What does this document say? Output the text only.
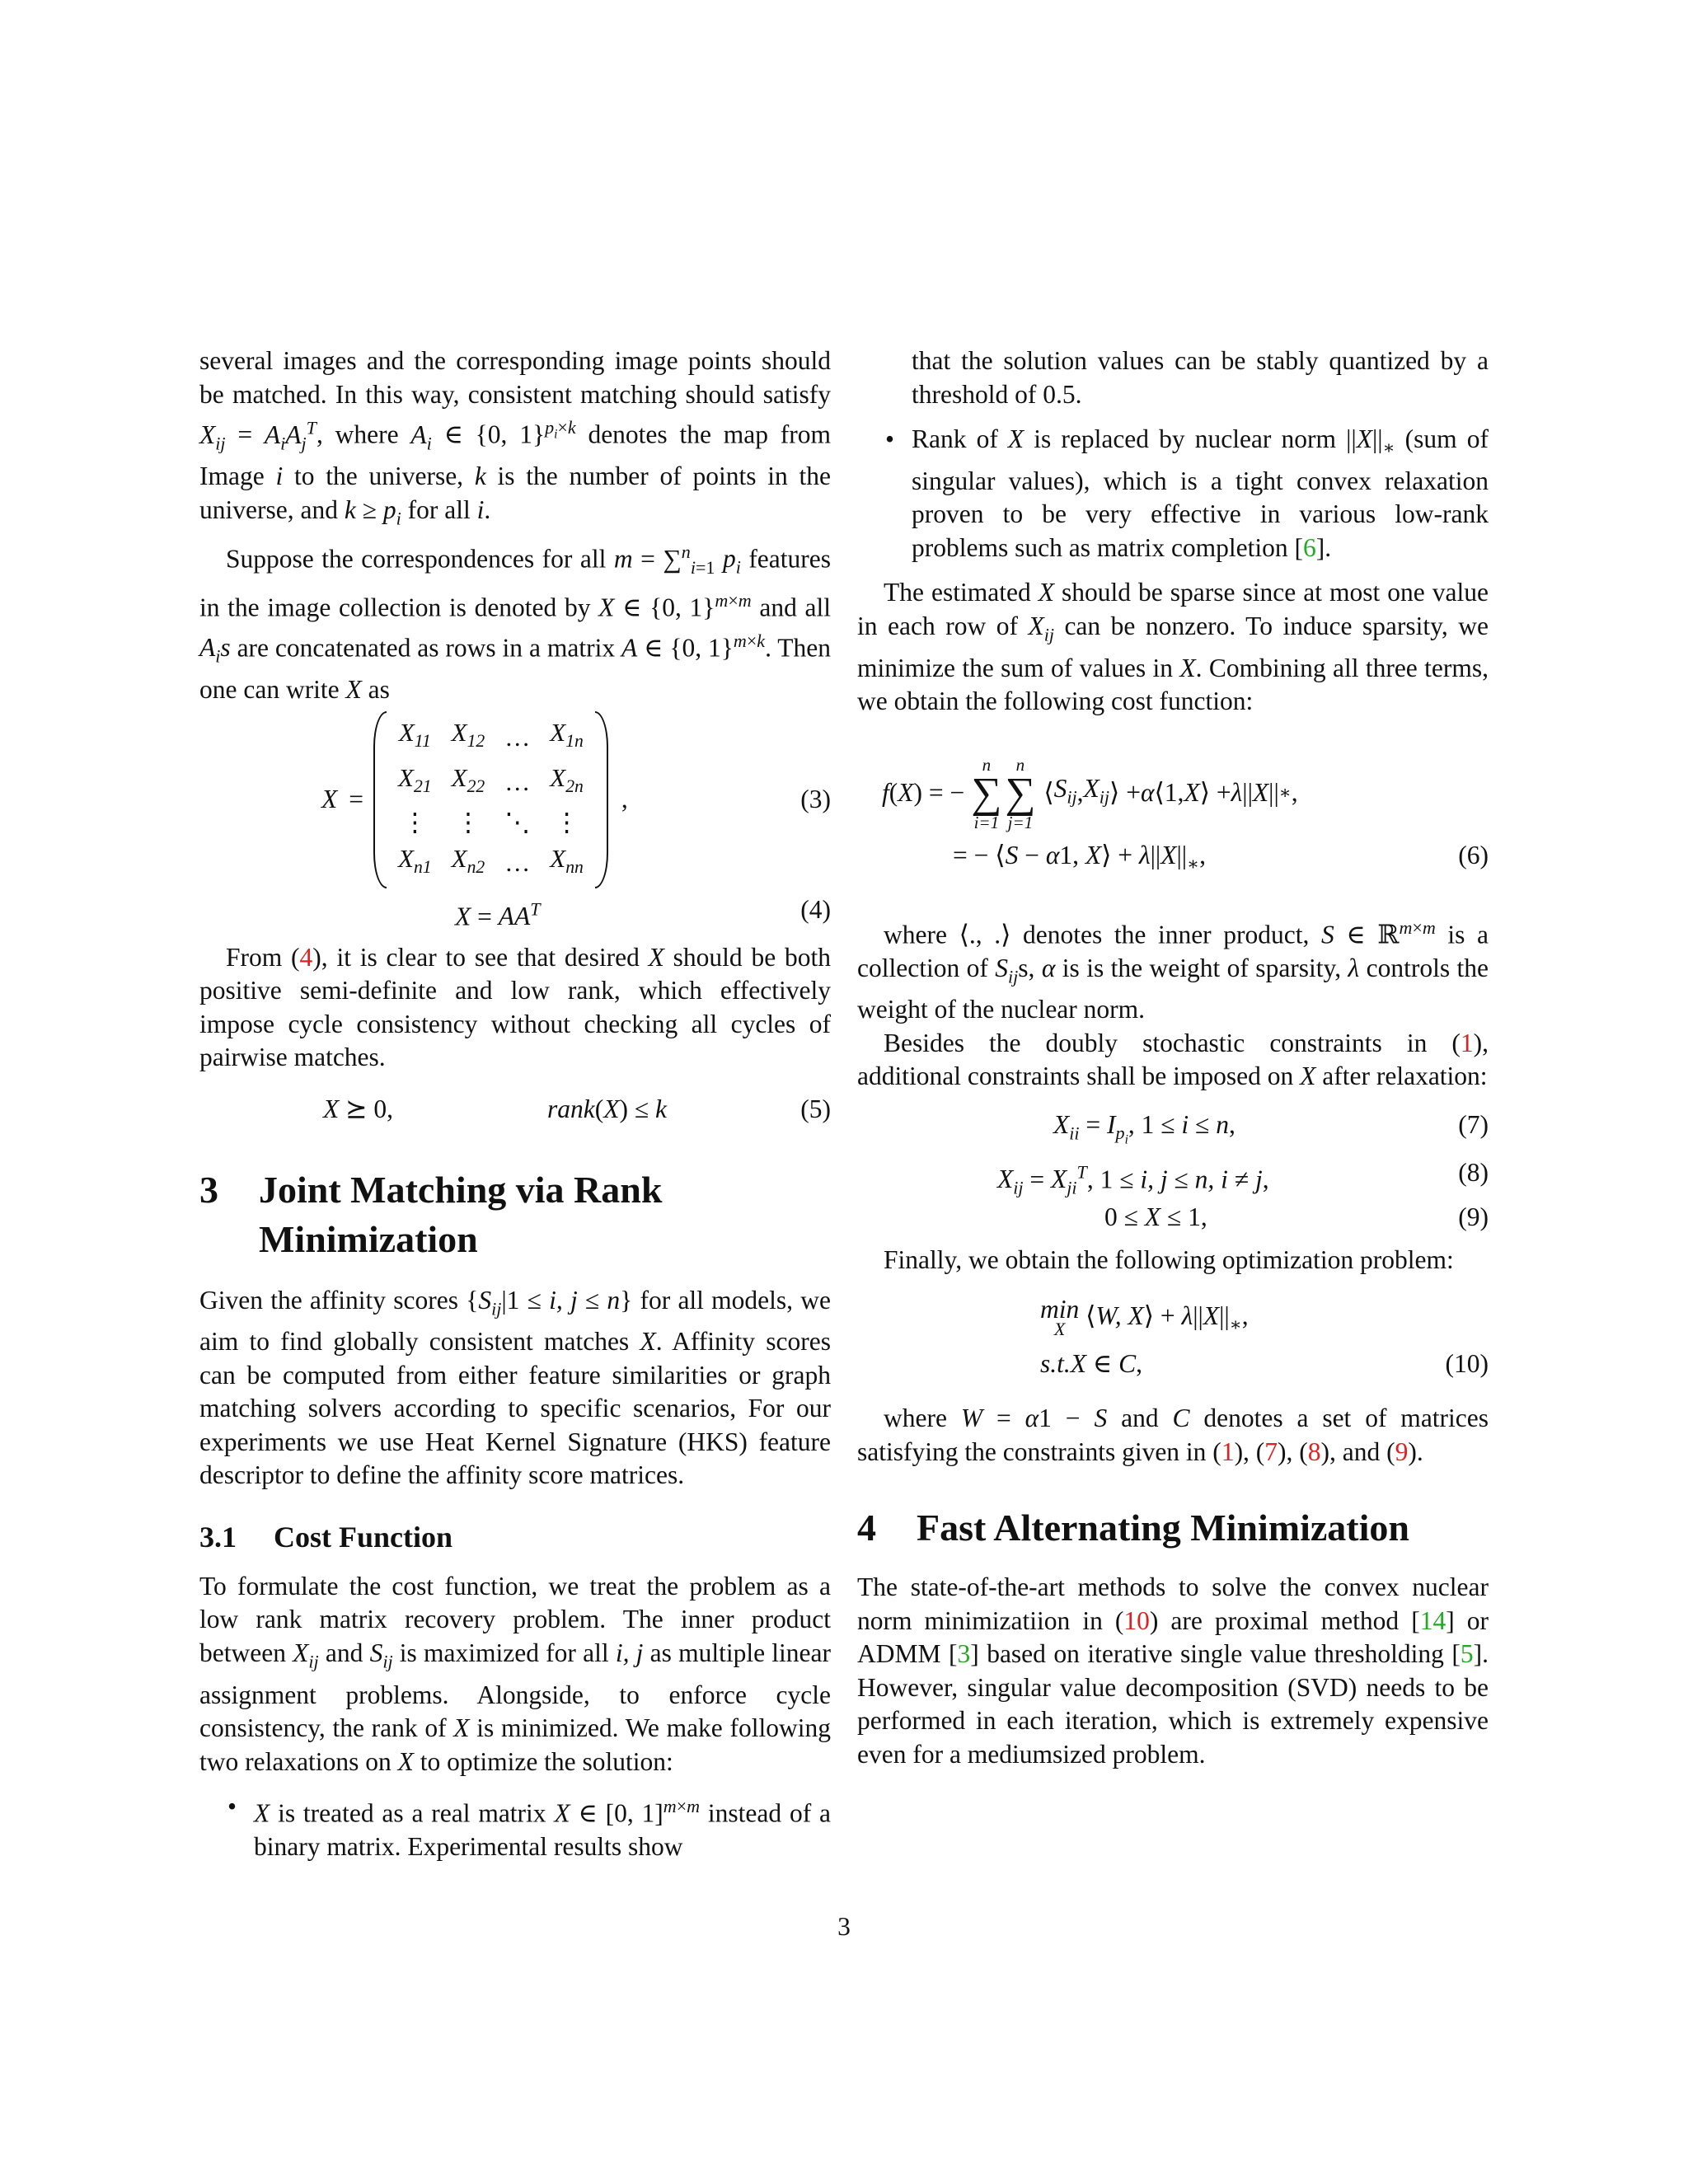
several images and the corresponding image points should be matched. In this way, consistent matching should satisfy $X_{ij} = A_iA_j^T$, where $A_i$ ∈ {0, 1}$^{p_i\times k}$ denotes the map from Image i to the universe, k is the number of points in the universe, and $k \ge p_i$ for all i.

Suppose the correspondences for all m = ∑$^n_{i=1}$ $p_i$ features in the image collection is denoted by X ∈ {0, 1}$^{m\times m}$ and all $A_is$ are concatenated as rows in a matrix A ∈ {0, 1}$^{m\times k}$. Then one can write X as

X =
$X_{11}$	$X_{12}$	…	$X_{1n}$
$X_{21}$	$X_{22}$	…	$X_{2n}$
⋮	⋮	⋱	⋮
$X_{n1}$	$X_{n2}$	…	$X_{nn}$
,	(3)
$X = AA^T$	(4)

From (4), it is clear to see that desired X should be both positive semi-definite and low rank, which effectively impose cycle consistency without checking all cycles of pairwise matches.

X ⪰ 0,	rank(X) ≤ k	(5)
3	Joint Matching via Rank Minimization

Given the affinity scores {$S_{ij}|1 \le i$, j ≤ n} for all models, we aim to find globally consistent matches X. Affinity scores can be computed from either feature similarities or graph matching solvers according to specific scenarios, For our experiments we use Heat Kernel Signature (HKS) feature descriptor to define the affinity score matrices.

3.1	Cost Function

To formulate the cost function, we treat the problem as a low rank matrix recovery problem. The inner product between $X_{ij}$ and $S_{ij}$ is maximized for all i, j as multiple linear assignment problems. Alongside, to enforce cycle consistency, the rank of X is minimized. We make following two relaxations on X to optimize the solution:

• X is treated as a real matrix X ∈ [0, 1]$^{m\times m}$ instead of a binary matrix. Experimental results show

that the solution values can be stably quantized by a threshold of 0.5.

• Rank of X is replaced by nuclear norm $||X||_∗$ (sum of singular values), which is a tight convex relaxation proven to be very effective in various low-rank problems such as matrix completion [6].

The estimated X should be sparse since at most one value in each row of $X_{ij}$ can be nonzero. To induce sparsity, we minimize the sum of values in X. Combining all three terms, we obtain the following cost function:

f ( X ) = −
n
∑
i=1
n
∑
j=1
⟨ $S_{ij}$ , $X_{ij}$ ⟩ + α ⟨1, X ⟩ + λ || X || ∗ ,
= − ⟨S − α1, X⟩ + $\lambda||X||_∗$,	(6)

where ⟨., .⟩ denotes the inner product, S ∈ ℝ$^{m\times m}$ is a collection of $S_{ij}s$, α is is the weight of sparsity, λ controls the weight of the nuclear norm.

Besides the doubly stochastic constraints in (1), additional constraints shall be imposed on X after relaxation:

$X_{ii} = I_{p_i}$, 1 ≤ i ≤ n,	(7)
$X_{ij} = X_{ji}^T$, 1 ≤ i, j ≤ n, i ≠ j,	(8)
0 ≤ X ≤ 1,	(9)

Finally, we obtain the following optimization problem:

min
X ⟨W, X⟩ + $\lambda||X||_∗$,
s.t.X ∈ C,	(10)

where W = α1 − S and C denotes a set of matrices satisfying the constraints given in (1), (7), (8), and (9).

4	Fast Alternating Minimization

The state-of-the-art methods to solve the convex nuclear norm minimizatiion in (10) are proximal method [14] or ADMM [3] based on iterative single value thresholding [5]. However, singular value decomposition (SVD) needs to be performed in each iteration, which is extremely expensive even for a mediumsized problem.

3
